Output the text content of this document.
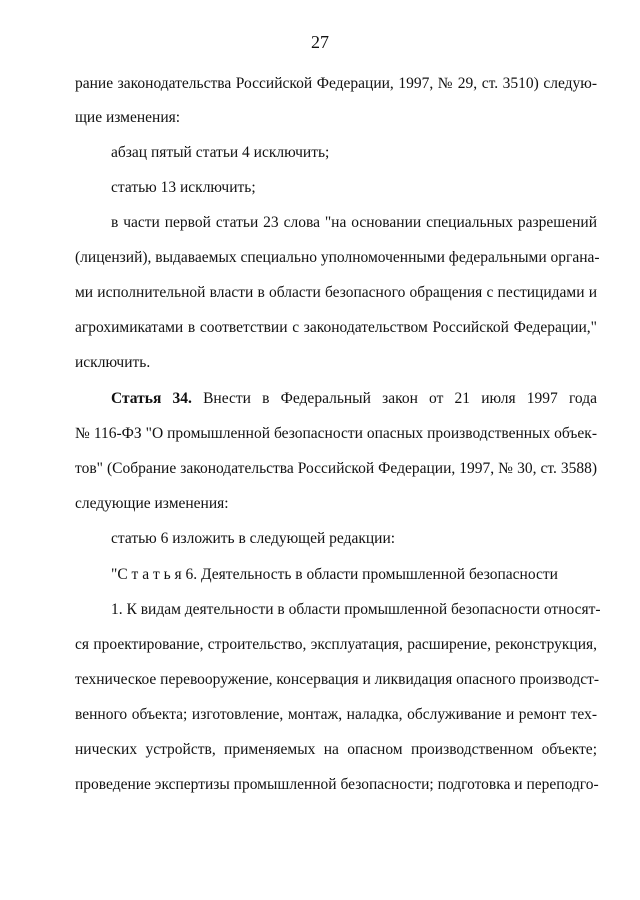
27
рание законодательства Российской Федерации, 1997, № 29, ст. 3510) следую-
щие изменения:
абзац пятый статьи 4 исключить;
статью 13 исключить;
в части первой статьи 23 слова "на основании специальных разрешений
(лицензий), выдаваемых специально уполномоченными федеральными органа-
ми исполнительной власти в области безопасного обращения с пестицидами и
агрохимикатами в соответствии с законодательством Российской Федерации,"
исключить.
Статья 34. Внести в Федеральный закон от 21 июля 1997 года
№ 116-ФЗ "О промышленной безопасности опасных производственных объек-
тов" (Собрание законодательства Российской Федерации, 1997, № 30, ст. 3588)
следующие изменения:
статью 6 изложить в следующей редакции:
"С т а т ь я 6. Деятельность в области промышленной безопасности
1. К видам деятельности в области промышленной безопасности относят-
ся проектирование, строительство, эксплуатация, расширение, реконструкция,
техническое перевооружение, консервация и ликвидация опасного производст-
венного объекта; изготовление, монтаж, наладка, обслуживание и ремонт тех-
нических устройств, применяемых на опасном производственном объекте;
проведение экспертизы промышленной безопасности; подготовка и переподго-
